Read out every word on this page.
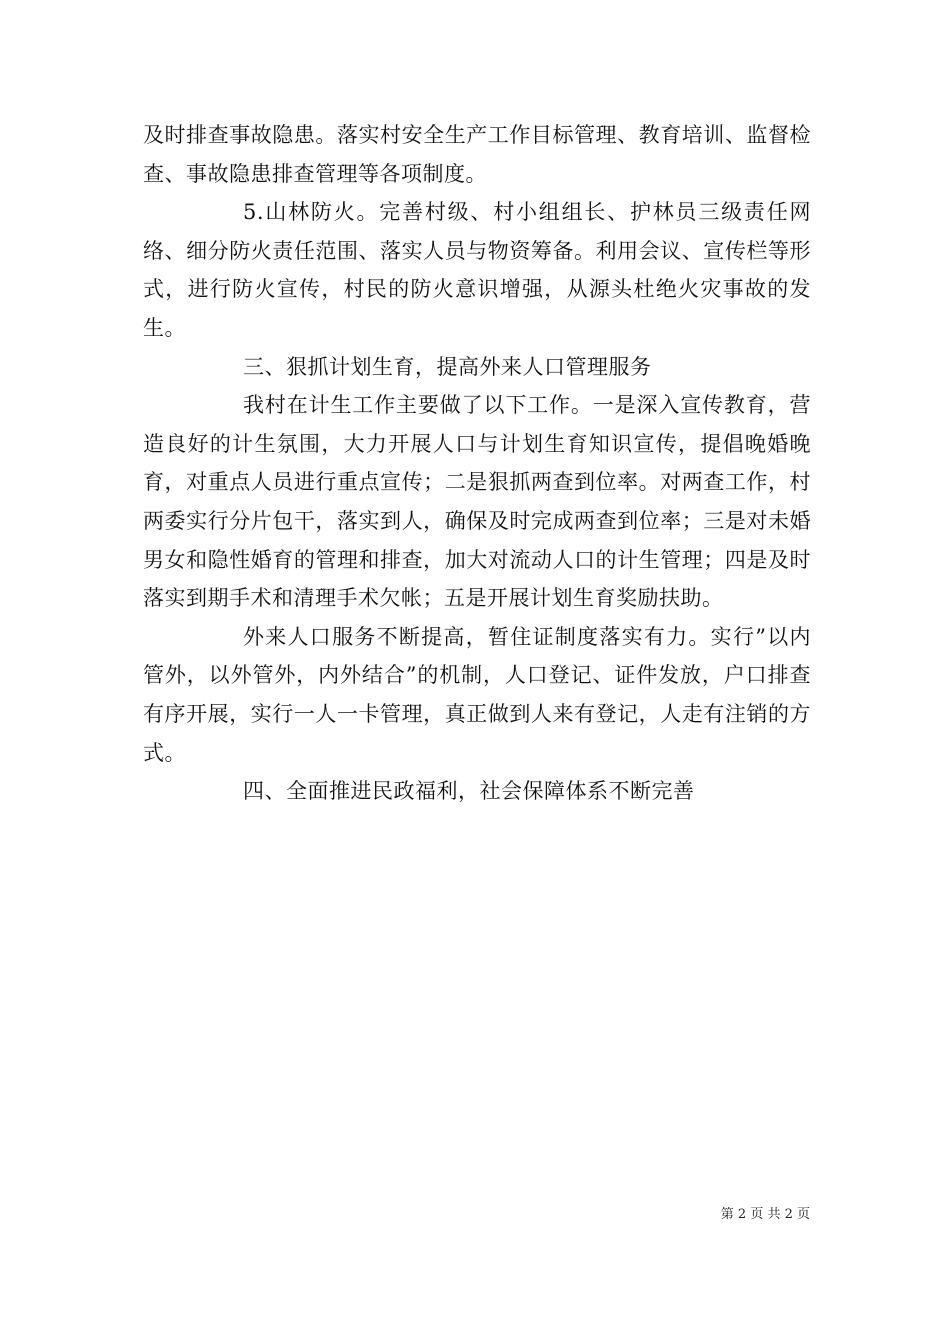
及时排查事故隐患。落实村安全生产工作目标管理、教育培训、监督检查、事故隐患排查管理等各项制度。

5.山林防火。完善村级、村小组组长、护林员三级责任网络、细分防火责任范围、落实人员与物资筹备。利用会议、宣传栏等形式，进行防火宣传，村民的防火意识增强，从源头杜绝火灾事故的发生。

三、狠抓计划生育，提高外来人口管理服务

我村在计生工作主要做了以下工作。一是深入宣传教育，营造良好的计生氛围，大力开展人口与计划生育知识宣传，提倡晚婚晚育，对重点人员进行重点宣传；二是狠抓两查到位率。对两查工作，村两委实行分片包干，落实到人，确保及时完成两查到位率；三是对未婚男女和隐性婚育的管理和排查，加大对流动人口的计生管理；四是及时落实到期手术和清理手术欠帐；五是开展计划生育奖励扶助。

外来人口服务不断提高，暂住证制度落实有力。实行”以内管外，以外管外，内外结合”的机制，人口登记、证件发放，户口排查有序开展，实行一人一卡管理，真正做到人来有登记，人走有注销的方式。

四、全面推进民政福利，社会保障体系不断完善

第 2 页 共 2 页
